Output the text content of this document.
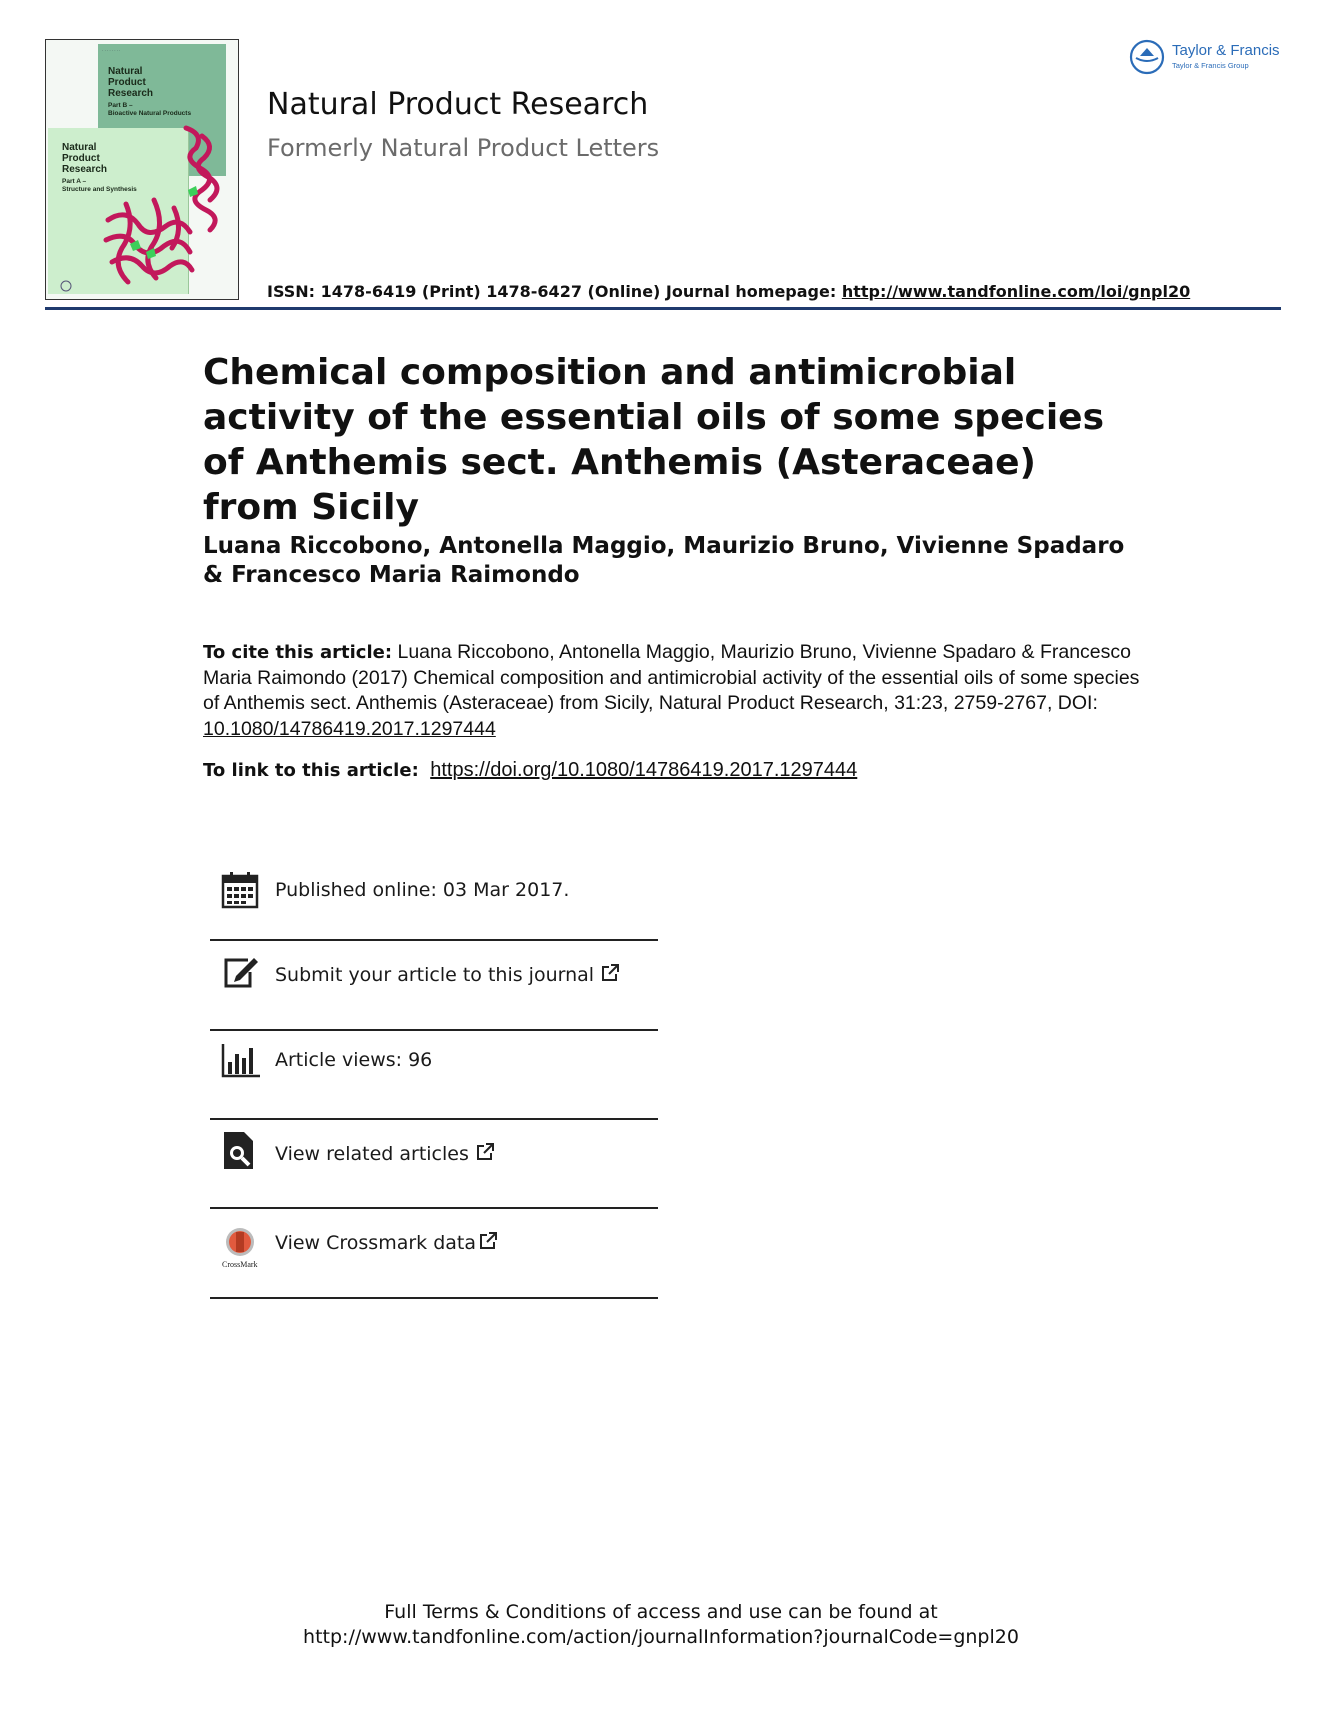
· · · · · · · ·
Natural
Product
Research
Part B –
Bioactive Natural Products
Natural
Product
Research
Part A –
Structure and Synthesis
Natural Product Research
Formerly Natural Product Letters
ISSN: 1478-6419 (Print) 1478-6427 (Online) Journal homepage: http://www.tandfonline.com/loi/gnpl20
Taylor & Francis
Taylor & Francis Group
Chemical composition and antimicrobial activity of the essential oils of some species of Anthemis sect. Anthemis (Asteraceae) from Sicily
Luana Riccobono, Antonella Maggio, Maurizio Bruno, Vivienne Spadaro & Francesco Maria Raimondo
To cite this article: Luana Riccobono, Antonella Maggio, Maurizio Bruno, Vivienne Spadaro & Francesco Maria Raimondo (2017) Chemical composition and antimicrobial activity of the essential oils of some species of Anthemis sect. Anthemis (Asteraceae) from Sicily, Natural Product Research, 31:23, 2759-2767, DOI: 10.1080/14786419.2017.1297444
To link to this article: https://doi.org/10.1080/14786419.2017.1297444
Published online: 03 Mar 2017.
Submit your article to this journal
Article views: 96
View related articles
CrossMark
View Crossmark data
Full Terms & Conditions of access and use can be found at
http://www.tandfonline.com/action/journalInformation?journalCode=gnpl20
